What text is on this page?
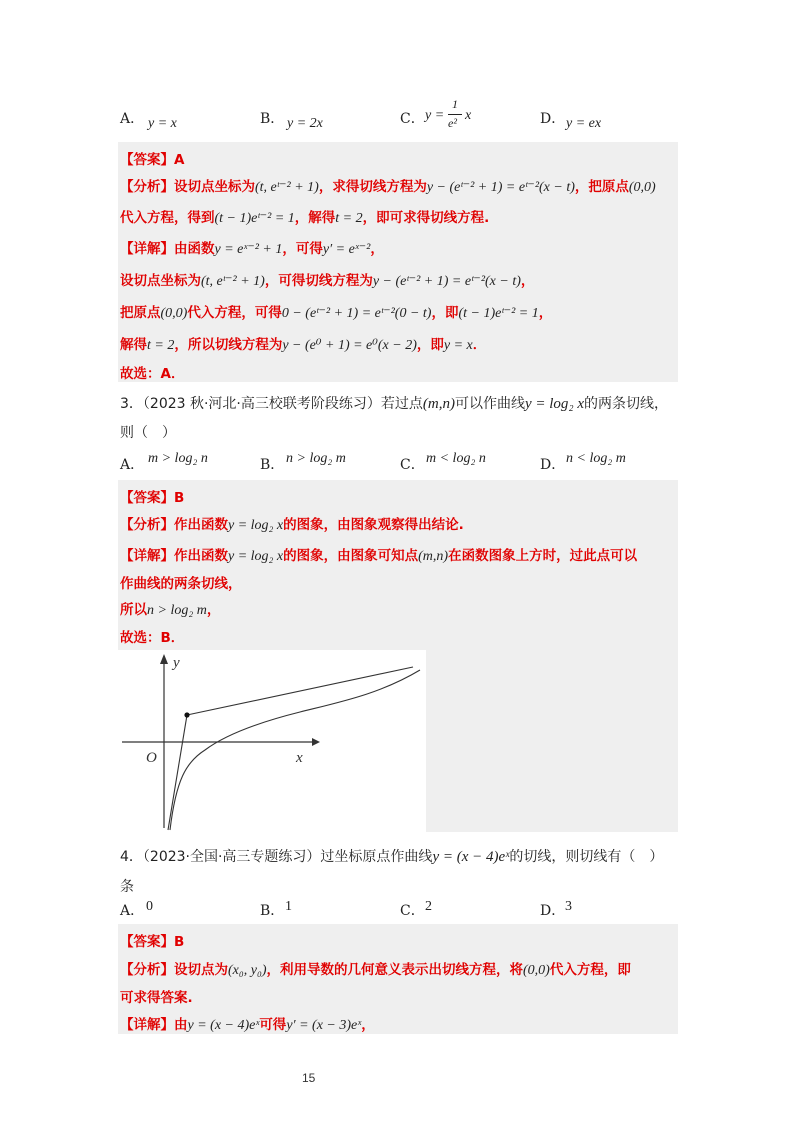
A． y = x	B． y = 2x	C． y =
1
e² x	D． y = ex
【答案】A
【分析】设切点坐标为(t, eᵗ⁻² + 1)，求得切线方程为y − (eᵗ⁻² + 1) = eᵗ⁻²(x − t)，把原点(0,0)
代入方程，得到(t − 1)eᵗ⁻² = 1，解得t = 2，即可求得切线方程.
【详解】由函数y = eˣ⁻² + 1，可得y′ = eˣ⁻²，
设切点坐标为(t, eᵗ⁻² + 1)，可得切线方程为y − (eᵗ⁻² + 1) = eᵗ⁻²(x − t)，
把原点(0,0)代入方程，可得0 − (eᵗ⁻² + 1) = eᵗ⁻²(0 − t)，即(t − 1)eᵗ⁻² = 1，
解得t = 2，所以切线方程为y − (e⁰ + 1) = e⁰(x − 2)，即y = x．
故选：A．
3．（2023 秋·河北·高三校联考阶段练习）若过点(m,n)可以作曲线y = log₂ x的两条切线，
则（　）
A． m > log₂ n	B． n > log₂ m	C． m < log₂ n	D． n < log₂ m
【答案】B
【分析】作出函数y = log₂ x的图象，由图象观察得出结论.
【详解】作出函数y = log₂ x的图象，由图象可知点(m,n)在函数图象上方时，过此点可以
作曲线的两条切线，
所以n > log₂ m，
故选：B．
y
x
O
4．（2023·全国·高三专题练习）过坐标原点作曲线y = (x − 4)eˣ的切线，则切线有（　）
条
A． 0	B． 1	C． 2	D． 3
【答案】B
【分析】设切点为(x₀, y₀)，利用导数的几何意义表示出切线方程，将(0,0)代入方程，即
可求得答案.
【详解】由y = (x − 4)eˣ可得y′ = (x − 3)eˣ，
15
